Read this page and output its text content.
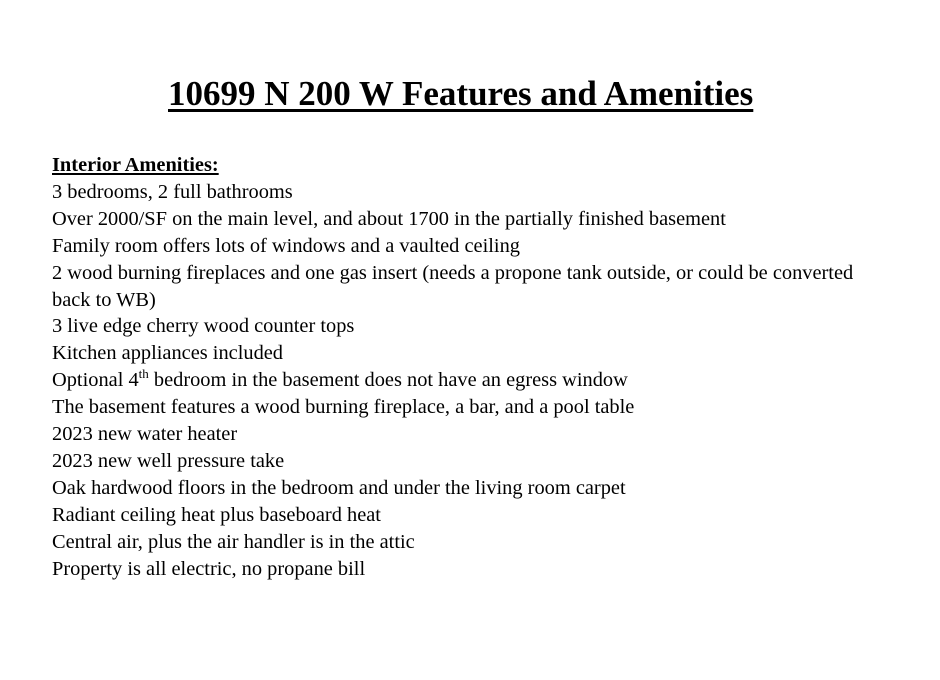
10699 N 200 W Features and Amenities
Interior Amenities:
3 bedrooms, 2 full bathrooms
Over 2000/SF on the main level, and about 1700 in the partially finished basement
Family room offers lots of windows and a vaulted ceiling
2 wood burning fireplaces and one gas insert (needs a propone tank outside, or could be converted back to WB)
3 live edge cherry wood counter tops
Kitchen appliances included
Optional 4th bedroom in the basement does not have an egress window
The basement features a wood burning fireplace, a bar, and a pool table
2023 new water heater
2023 new well pressure take
Oak hardwood floors in the bedroom and under the living room carpet
Radiant ceiling heat plus baseboard heat
Central air, plus the air handler is in the attic
Property is all electric, no propane bill
